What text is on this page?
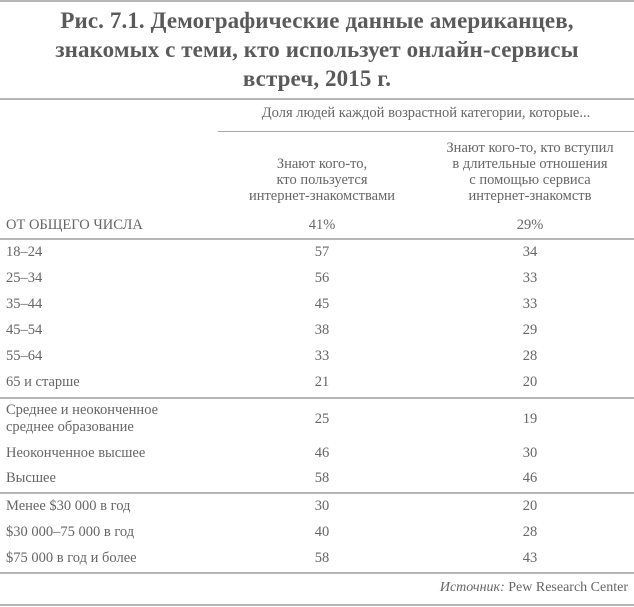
Рис. 7.1. Демографические данные американцев,
знакомых с теми, кто использует онлайн-сервисы
встреч, 2015 г.
Доля людей каждой возрастной категории, которые...
Знают кого-то,
кто пользуется
интернет-знакомствами
Знают кого-то, кто вступил
в длительные отношения
с помощью сервиса
интернет-знакомств
ОТ ОБЩЕГО ЧИСЛА	41%	29%
18–24	57	34
25–34	56	33
35–44	45	33
45–54	38	29
55–64	33	28
65 и старше	21	20
Среднее и неоконченное
среднее образование	25	19
Неоконченное высшее	46	30
Высшее	58	46
Менее $30 000 в год	30	20
$30 000–75 000 в год	40	28
$75 000 в год и более	58	43
Источник: Pew Research Center
